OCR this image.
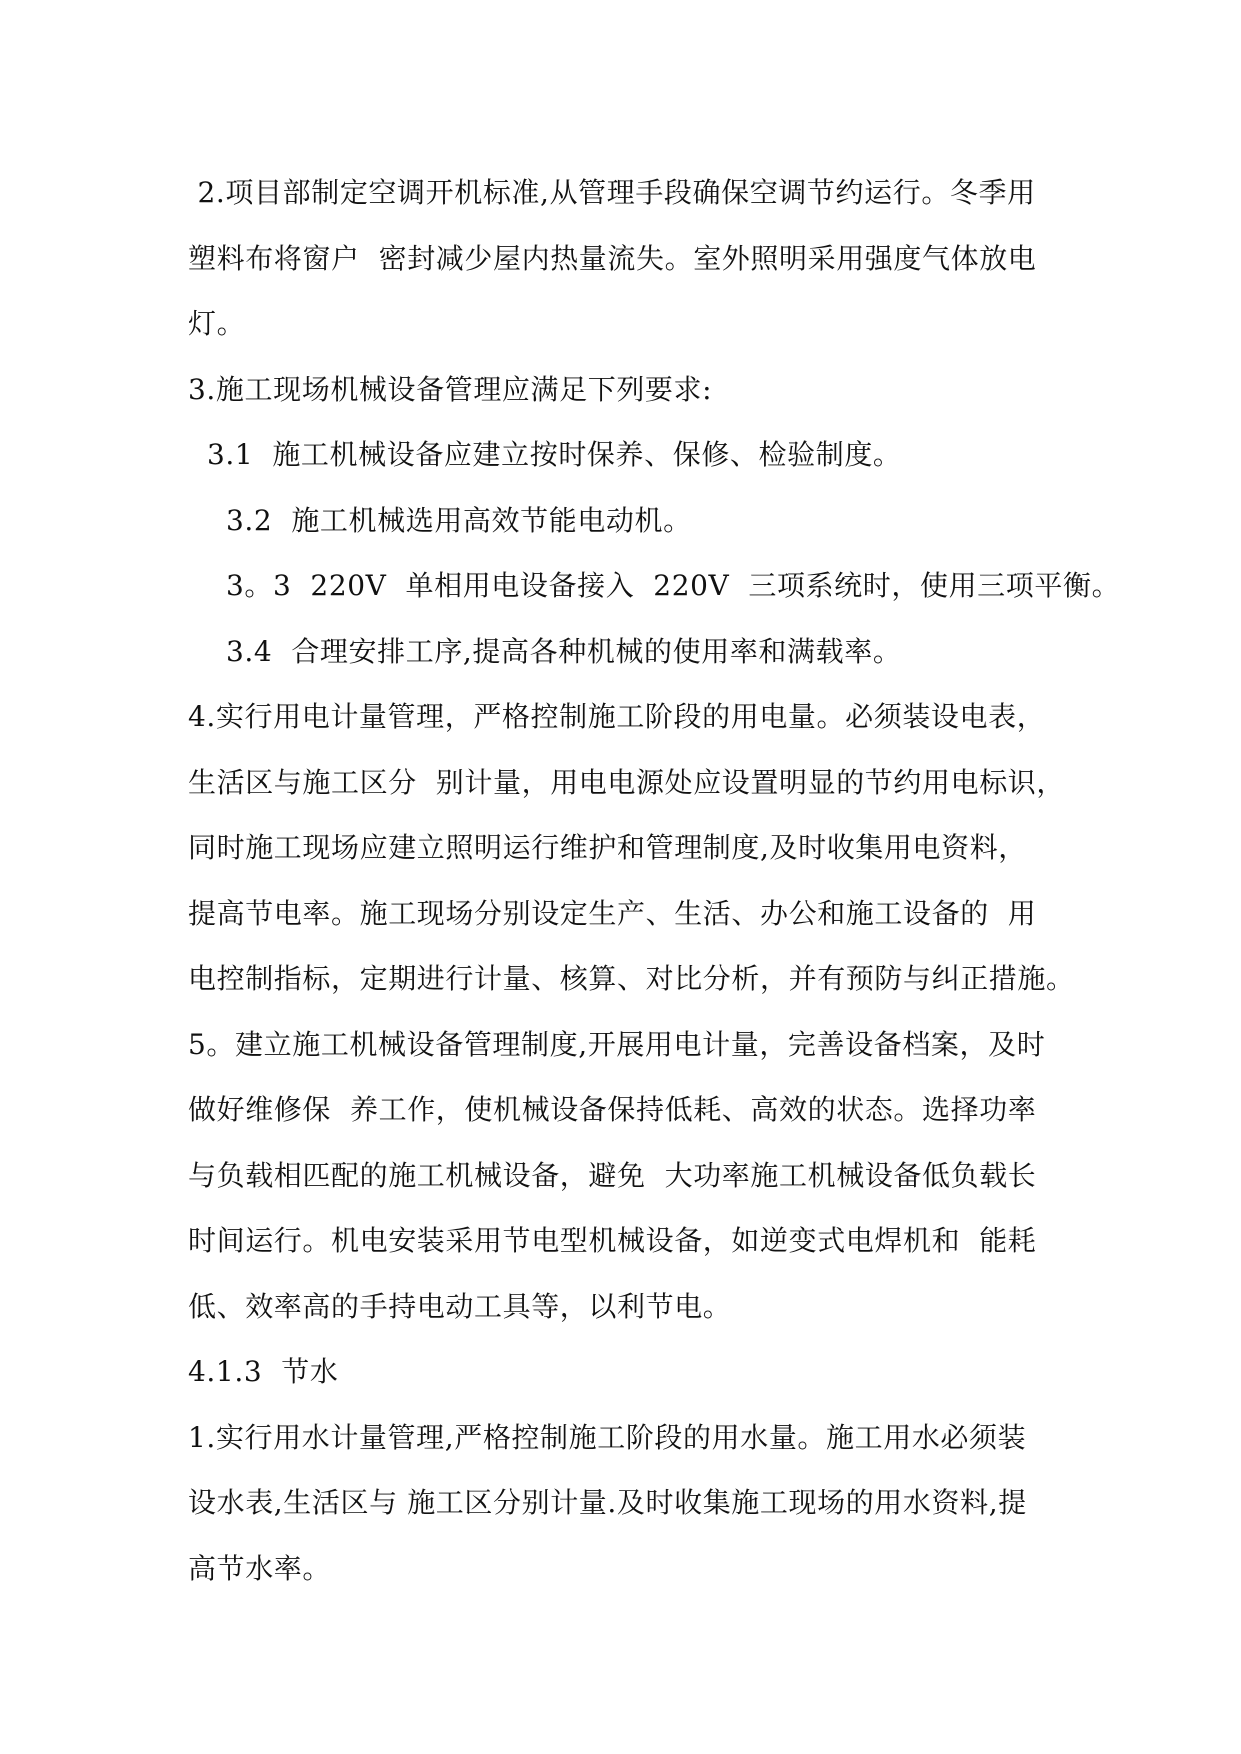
2.项目部制定空调开机标准,从管理手段确保空调节约运行。冬季用
塑料布将窗户  密封减少屋内热量流失。室外照明采用强度气体放电
灯。
3.施工现场机械设备管理应满足下列要求:
3.1  施工机械设备应建立按时保养、保修、检验制度。
3.2  施工机械选用高效节能电动机。
3。3  220V  单相用电设备接入  220V  三项系统时，使用三项平衡。
3.4  合理安排工序,提高各种机械的使用率和满载率。
4.实行用电计量管理，严格控制施工阶段的用电量。必须装设电表，
生活区与施工区分  别计量，用电电源处应设置明显的节约用电标识，
同时施工现场应建立照明运行维护和管理制度,及时收集用电资料，
提高节电率。施工现场分别设定生产、生活、办公和施工设备的  用
电控制指标，定期进行计量、核算、对比分析，并有预防与纠正措施。
5。建立施工机械设备管理制度,开展用电计量，完善设备档案，及时
做好维修保  养工作，使机械设备保持低耗、高效的状态。选择功率
与负载相匹配的施工机械设备，避免  大功率施工机械设备低负载长
时间运行。机电安装采用节电型机械设备，如逆变式电焊机和  能耗
低、效率高的手持电动工具等，以利节电。
4.1.3  节水
1.实行用水计量管理,严格控制施工阶段的用水量。施工用水必须装
设水表,生活区与 施工区分别计量.及时收集施工现场的用水资料,提
高节水率。
